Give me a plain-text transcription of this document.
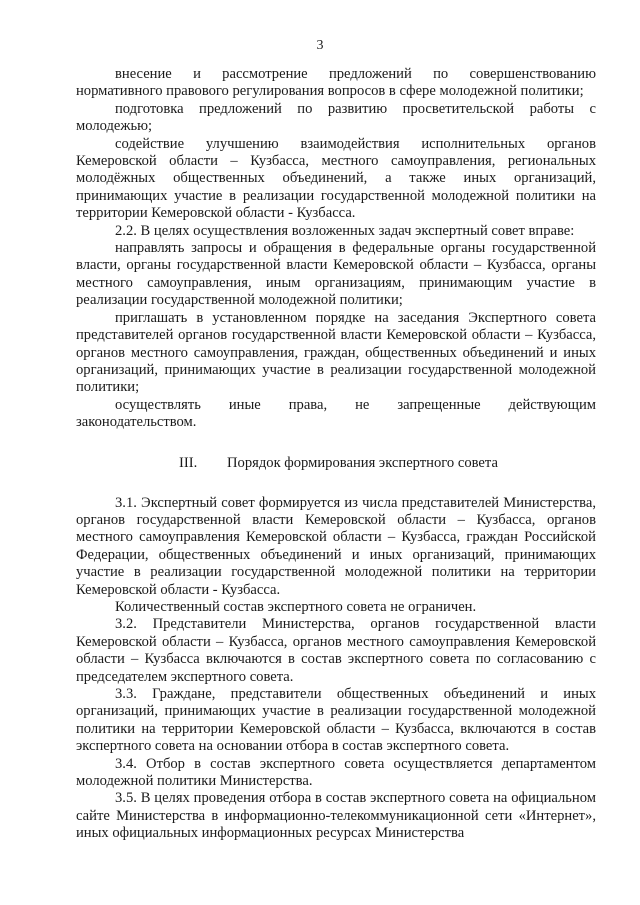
3

внесение и рассмотрение предложений по совершенствованию нормативного правового регулирования вопросов в сфере молодежной политики;

подготовка предложений по развитию просветительской работы с молодежью;

содействие улучшению взаимодействия исполнительных органов Кемеровской области – Кузбасса, местного самоуправления, региональных молодёжных общественных объединений, а также иных организаций, принимающих участие в реализации государственной молодежной политики на территории Кемеровской области - Кузбасса.

2.2. В целях осуществления возложенных задач экспертный совет вправе:

направлять запросы и обращения в федеральные органы государственной власти, органы государственной власти Кемеровской области – Кузбасса, органы местного самоуправления, иным организациям, принимающим участие в реализации государственной молодежной политики;

приглашать в установленном порядке на заседания Экспертного совета представителей органов государственной власти Кемеровской области – Кузбасса, органов местного самоуправления, граждан, общественных объединений и иных организаций, принимающих участие в реализации государственной молодежной политики;

осуществлять иные права, не запрещенные действующим законодательством.

III. Порядок формирования экспертного совета

3.1. Экспертный совет формируется из числа представителей Министерства, органов государственной власти Кемеровской области – Кузбасса, органов местного самоуправления Кемеровской области – Кузбасса, граждан Российской Федерации, общественных объединений и иных организаций, принимающих участие в реализации государственной молодежной политики на территории Кемеровской области - Кузбасса.

Количественный состав экспертного совета не ограничен.

3.2. Представители Министерства, органов государственной власти Кемеровской области – Кузбасса, органов местного самоуправления Кемеровской области – Кузбасса включаются в состав экспертного совета по согласованию с председателем экспертного совета.

3.3. Граждане, представители общественных объединений и иных организаций, принимающих участие в реализации государственной молодежной политики на территории Кемеровской области – Кузбасса, включаются в состав экспертного совета на основании отбора в состав экспертного совета.

3.4. Отбор в состав экспертного совета осуществляется департаментом молодежной политики Министерства.

3.5. В целях проведения отбора в состав экспертного совета на официальном сайте Министерства в информационно-телекоммуникационной сети «Интернет», иных официальных информационных ресурсах Министерства
